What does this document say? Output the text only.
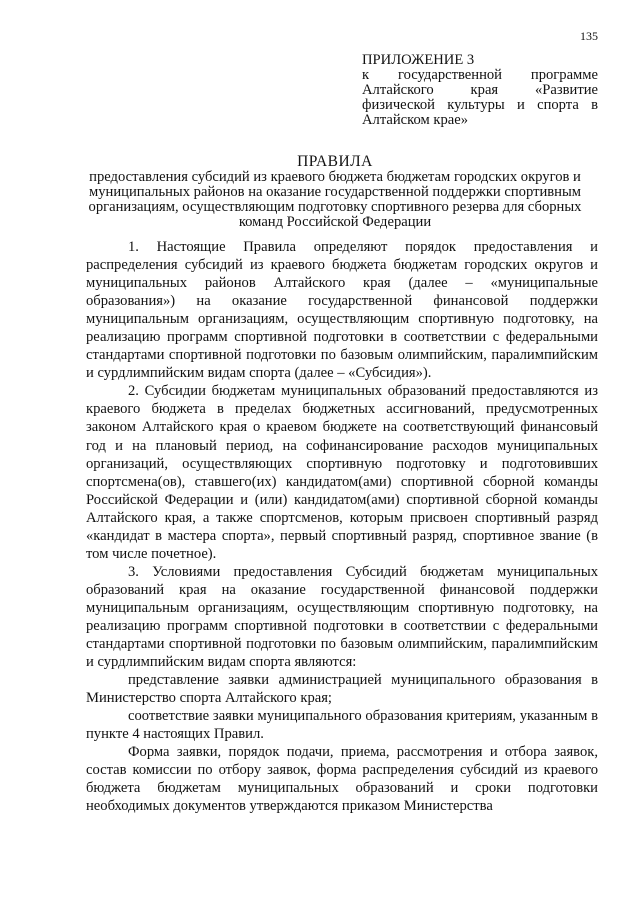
135
ПРИЛОЖЕНИЕ 3
к государственной программе Алтайского края «Развитие физической культуры и спорта в Алтайском крае»
ПРАВИЛА
предоставления субсидий из краевого бюджета бюджетам городских округов и муниципальных районов на оказание государственной поддержки спортивным организациям, осуществляющим подготовку спортивного резерва для сборных команд Российской Федерации

1. Настоящие Правила определяют порядок предоставления и распределения субсидий из краевого бюджета бюджетам городских округов и муниципальных районов Алтайского края (далее – «муниципальные образования») на оказание государственной финансовой поддержки муниципальным организациям, осуществляющим спортивную подготовку, на реализацию программ спортивной подготовки в соответствии с федеральными стандартами спортивной подготовки по базовым олимпийским, паралимпийским и сурдлимпийским видам спорта (далее – «Субсидия»).

2. Субсидии бюджетам муниципальных образований предоставляются из краевого бюджета в пределах бюджетных ассигнований, предусмотренных законом Алтайского края о краевом бюджете на соответствующий финансовый год и на плановый период, на софинансирование расходов муниципальных организаций, осуществляющих спортивную подготовку и подготовивших спортсмена(ов), ставшего(их) кандидатом(ами) спортивной сборной команды Российской Федерации и (или) кандидатом(ами) спортивной сборной команды Алтайского края, а также спортсменов, которым присвоен спортивный разряд «кандидат в мастера спорта», первый спортивный разряд, спортивное звание (в том числе почетное).

3. Условиями предоставления Субсидий бюджетам муниципальных образований края на оказание государственной финансовой поддержки муниципальным организациям, осуществляющим спортивную подготовку, на реализацию программ спортивной подготовки в соответствии с федеральными стандартами спортивной подготовки по базовым олимпийским, паралимпийским и сурдлимпийским видам спорта являются:

представление заявки администрацией муниципального образования в Министерство спорта Алтайского края;

соответствие заявки муниципального образования критериям, указанным в пункте 4 настоящих Правил.

Форма заявки, порядок подачи, приема, рассмотрения и отбора заявок, состав комиссии по отбору заявок, форма распределения субсидий из краевого бюджета бюджетам муниципальных образований и сроки подготовки необходимых документов утверждаются приказом Министерства
